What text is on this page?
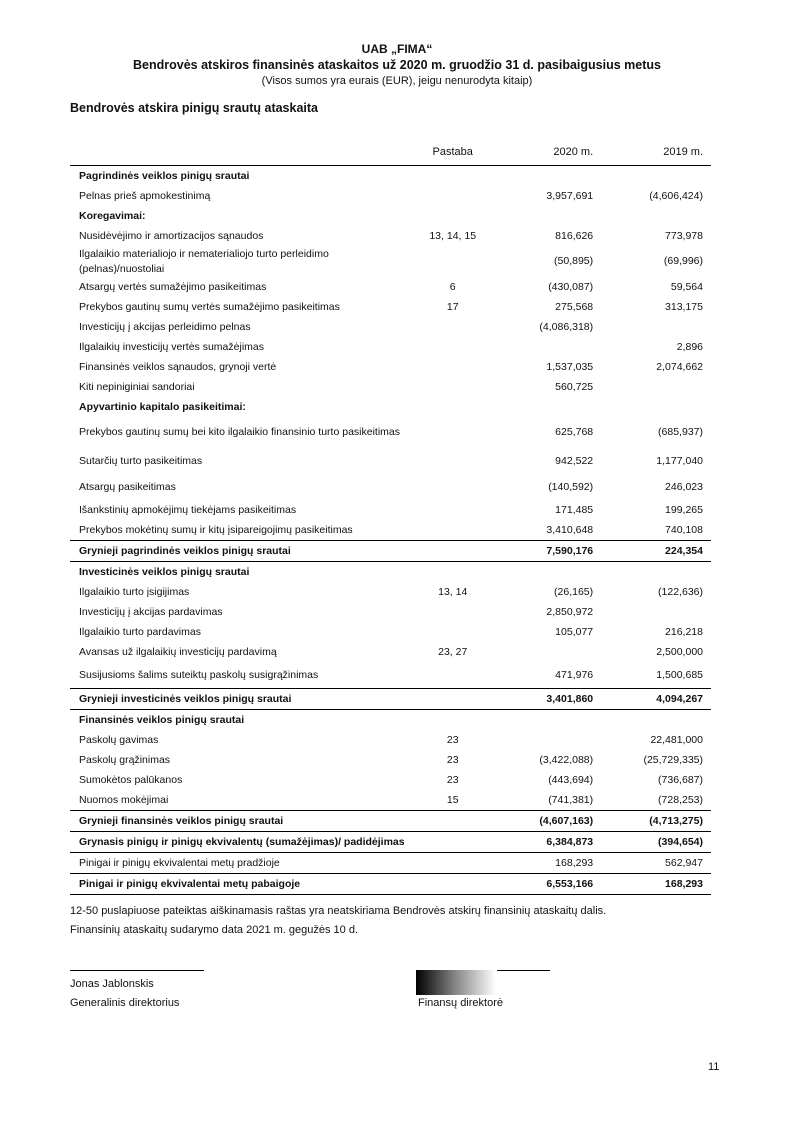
UAB „FIMA“
Bendrovės atskiros finansinės ataskaitos už 2020 m. gruodžio 31 d. pasibaigusius metus
(Visos sumos yra eurais (EUR), jeigu nenurodyta kitaip)
Bendrovės atskira pinigų srautų ataskaita
	Pastaba	2020 m.	2019 m.
Pagrindinės veiklos pinigų srautai			
Pelnas prieš apmokestinimą		3,957,691	(4,606,424)
Koregavimai:			
Nusidėvėjimo ir amortizacijos sąnaudos	13, 14, 15	816,626	773,978
Ilgalaikio materialiojo ir nematerialiojo turto perleidimo (pelnas)/nuostoliai		(50,895)	(69,996)
Atsargų vertės sumažėjimo pasikeitimas	6	(430,087)	59,564
Prekybos gautinų sumų vertės sumažėjimo pasikeitimas	17	275,568	313,175
Investicijų į akcijas perleidimo pelnas		(4,086,318)	
Ilgalaikių investicijų vertės sumažėjimas			2,896
Finansinės veiklos sąnaudos, grynoji vertė		1,537,035	2,074,662
Kiti nepiniginiai sandoriai		560,725	
Apyvartinio kapitalo pasikeitimai:			
Prekybos gautinų sumų bei kito ilgalaikio finansinio turto pasikeitimas		625,768	(685,937)
Sutarčių turto pasikeitimas		942,522	1,177,040
Atsargų pasikeitimas		(140,592)	246,023
Išankstinių apmokėjimų tiekėjams pasikeitimas		171,485	199,265
Prekybos mokėtinų sumų ir kitų įsipareigojimų pasikeitimas		3,410,648	740,108
Grynieji pagrindinės veiklos pinigų srautai		7,590,176	224,354
Investicinės veiklos pinigų srautai			
Ilgalaikio turto įsigijimas	13, 14	(26,165)	(122,636)
Investicijų į akcijas pardavimas		2,850,972	
Ilgalaikio turto pardavimas		105,077	216,218
Avansas už ilgalaikių investicijų pardavimą	23, 27		2,500,000
Susijusioms šalims suteiktų paskolų susigrąžinimas		471,976	1,500,685
Grynieji investicinės veiklos pinigų srautai		3,401,860	4,094,267
Finansinės veiklos pinigų srautai			
Paskolų gavimas	23		22,481,000
Paskolų grąžinimas	23	(3,422,088)	(25,729,335)
Sumokėtos palūkanos	23	(443,694)	(736,687)
Nuomos mokėjimai	15	(741,381)	(728,253)
Grynieji finansinės veiklos pinigų srautai		(4,607,163)	(4,713,275)
Grynasis pinigų ir pinigų ekvivalentų (sumažėjimas)/ padidėjimas		6,384,873	(394,654)
Pinigai ir pinigų ekvivalentai metų pradžioje		168,293	562,947
Pinigai ir pinigų ekvivalentai metų pabaigoje		6,553,166	168,293
12-50 puslapiuose pateiktas aiškinamasis raštas yra neatskiriama Bendrovės atskirų finansinių ataskaitų dalis.
Finansinių ataskaitų sudarymo data 2021 m. gegužės 10 d.
Jonas Jablonskis
Generalinis direktorius	Finansų direktorė
11
